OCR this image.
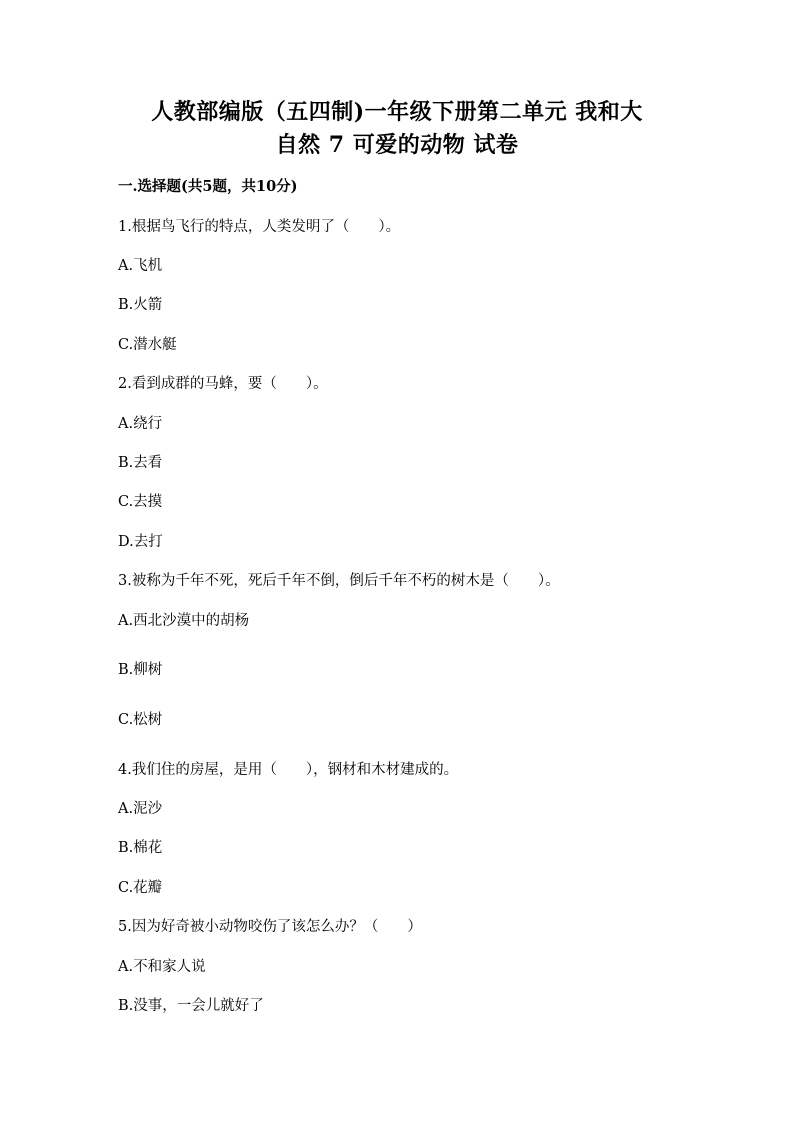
人教部编版（五四制)一年级下册第二单元 我和大
自然 7 可爱的动物 试卷
一.选择题(共5题，共10分)
1.根据鸟飞行的特点，人类发明了（　　）。
A.飞机
B.火箭
C.潜水艇
2.看到成群的马蜂，要（　　）。
A.绕行
B.去看
C.去摸
D.去打
3.被称为千年不死，死后千年不倒，倒后千年不朽的树木是（　　）。
A.西北沙漠中的胡杨
B.柳树
C.松树
4.我们住的房屋，是用（　　），钢材和木材建成的。
A.泥沙
B.棉花
C.花瓣
5.因为好奇被小动物咬伤了该怎么办？（　　）
A.不和家人说
B.没事，一会儿就好了
